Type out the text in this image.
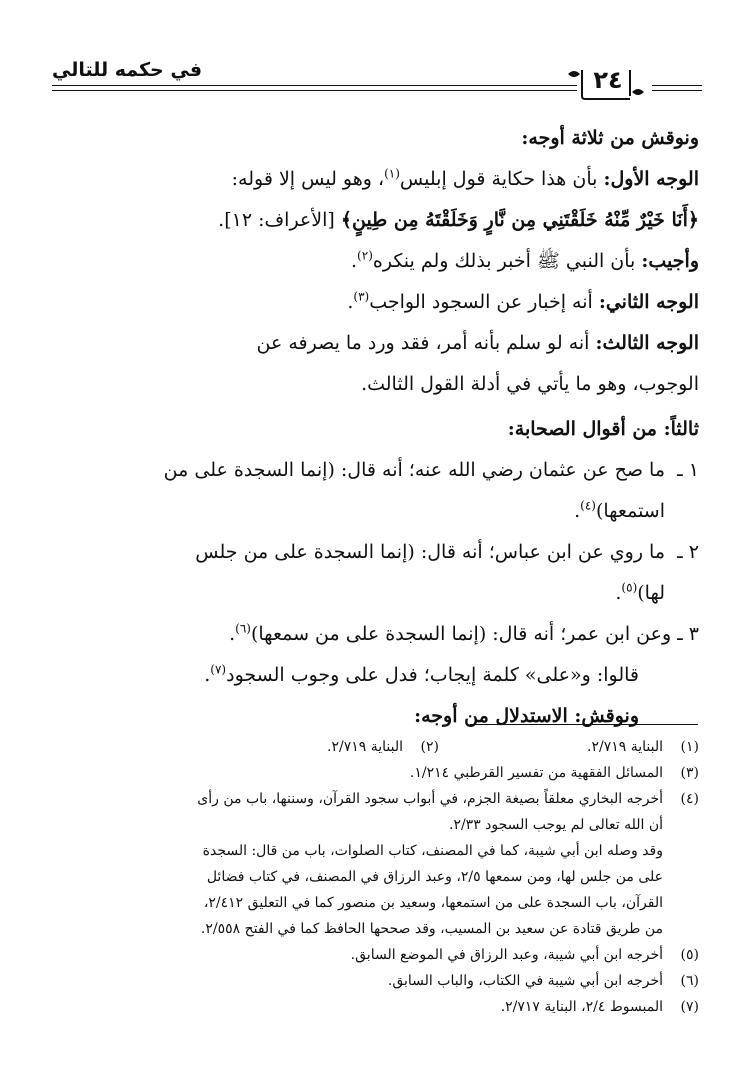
في حكمه للتالي	٢٤
ونوقش من ثلاثة أوجه:
الوجه الأول: بأن هذا حكاية قول إبليس$^{(١)}$، وهو ليس إلا قوله:
﴿أَنَا خَيْرٌ مِّنْهُ خَلَقْتَنِي مِن نَّارٍ وَخَلَقْتَهُ مِن طِينٍ﴾ [الأعراف: ١٢].
وأجيب: بأن النبي ﷺ أخبر بذلك ولم ينكره$^{(٢)}$.
الوجه الثاني: أنه إخبار عن السجود الواجب$^{(٣)}$.
الوجه الثالث: أنه لو سلم بأنه أمر، فقد ورد ما يصرفه عن
الوجوب، وهو ما يأتي في أدلة القول الثالث.
ثالثاً: من أقوال الصحابة:
١ ـ
ما صح عن عثمان رضي الله عنه؛ أنه قال: (إنما السجدة على من
استمعها)$^{(٤)}$.
٢ ـ
ما روي عن ابن عباس؛ أنه قال: (إنما السجدة على من جلس
لها)$^{(٥)}$.
٣ ـ وعن ابن عمر؛ أنه قال: (إنما السجدة على من سمعها)$^{(٦)}$.
قالوا: و«على» كلمة إيجاب؛ فدل على وجوب السجود$^{(٧)}$.
ونوقش: الاستدلال من أوجه:
(١)
البناية ٢/٧١٩.
(٢)
البناية ٢/٧١٩.
(٣)
المسائل الفقهية من تفسير القرطبي ١/٢١٤.
(٤)
أخرجه البخاري معلقاً بصيغة الجزم، في أبواب سجود القرآن، وسننها، باب من رأى
أن الله تعالى لم يوجب السجود ٢/٣٣.
وقد وصله ابن أبي شيبة، كما في المصنف، كتاب الصلوات، باب من قال: السجدة
على من جلس لها، ومن سمعها ٢/٥، وعبد الرزاق في المصنف، في كتاب فضائل
القرآن، باب السجدة على من استمعها، وسعيد بن منصور كما في التعليق ٢/٤١٢،
من طريق قتادة عن سعيد بن المسيب، وقد صححها الحافظ كما في الفتح ٢/٥٥٨.
(٥)
أخرجه ابن أبي شيبة، وعبد الرزاق في الموضع السابق.
(٦)
أخرجه ابن أبي شيبة في الكتاب، والباب السابق.
(٧)
المبسوط ٢/٤، البناية ٢/٧١٧.
